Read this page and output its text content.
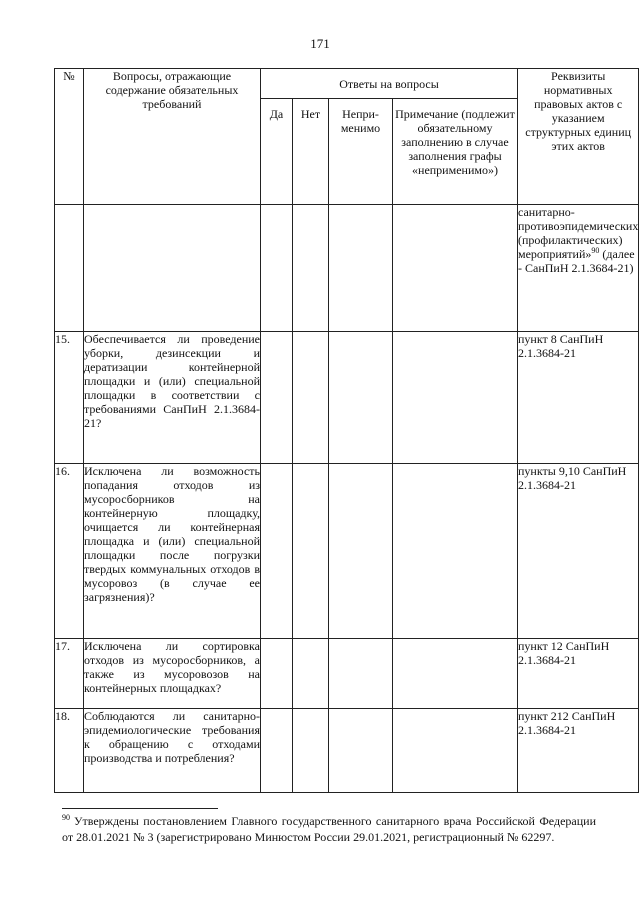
171
№	Вопросы, отражающие содержание обязательных требований	Ответы на вопросы				Реквизиты нормативных правовых актов с указанием структурных единиц этих актов
		Да	Нет	Непри-менимо	Примечание (подлежит обязательному заполнению в случае заполнения графы «неприменимо»)	
						санитарно-противоэпидемических (профилактических) мероприятий»$^{90}$ (далее - СанПиН 2.1.3684-21)
15.	Обеспечивается ли проведение уборки, дезинсекции и дератизации контейнерной площадки и (или) специальной площадки в соответствии с требованиями СанПиН 2.1.3684-21?					пункт 8 СанПиН 2.1.3684-21
16.	Исключена ли возможность попадания отходов из мусоросборников на контейнерную площадку, очищается ли контейнерная площадка и (или) специальной площадки после погрузки твердых коммунальных отходов в мусоровоз (в случае ее загрязнения)?					пункты 9,10 СанПиН 2.1.3684-21
17.	Исключена ли сортировка отходов из мусоросборников, а также из мусоровозов на контейнерных площадках?					пункт 12 СанПиН 2.1.3684-21
18.	Соблюдаются ли санитарно-эпидемиологические требования к обращению с отходами производства и потребления?					пункт 212 СанПиН 2.1.3684-21
$^{90}$ Утверждены постановлением Главного государственного санитарного врача Российской Федерации от 28.01.2021 № 3 (зарегистрировано Минюстом России 29.01.2021, регистрационный № 62297.
